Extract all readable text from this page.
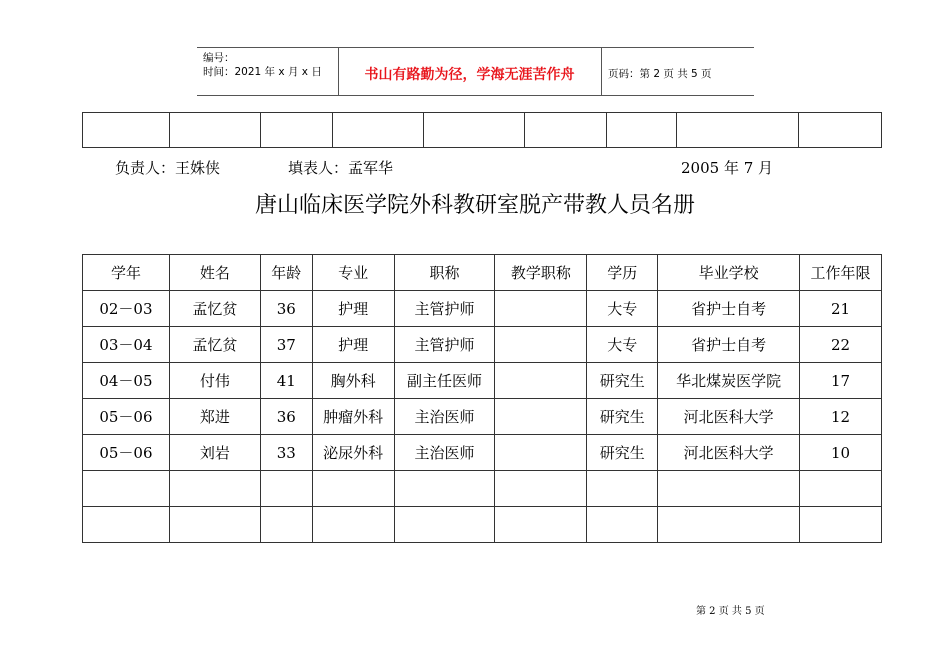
编号：
时间：2021 年 x 月 x 日	书山有路勤为径，学海无涯苦作舟	页码：第 2 页 共 5 页

负责人：王姝侠	填表人：孟军华	2005 年 7 月
唐山临床医学院外科教研室脱产带教人员名册
学年	姓名	年龄	专业	职称	教学职称	学历	毕业学校	工作年限
02－03	孟忆贫	36	护理	主管护师		大专	省护士自考	21
03－04	孟忆贫	37	护理	主管护师		大专	省护士自考	22
04－05	付伟	41	胸外科	副主任医师		研究生	华北煤炭医学院	17
05－06	郑进	36	肿瘤外科	主治医师		研究生	河北医科大学	12
05－06	刘岩	33	泌尿外科	主治医师		研究生	河北医科大学	10

第 2 页 共 5 页
